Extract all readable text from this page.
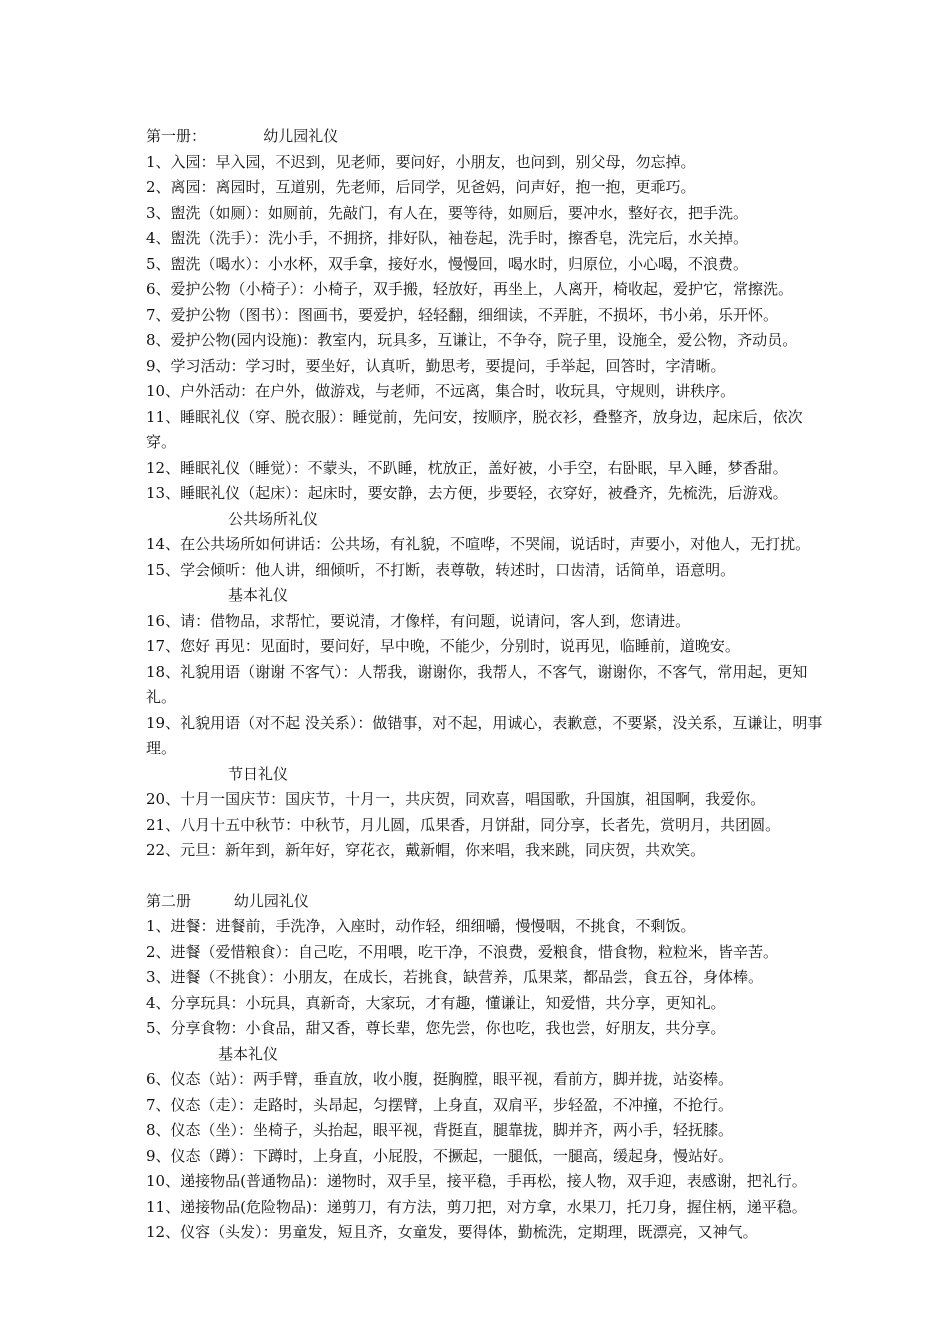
第一册：            幼儿园礼仪
1、入园：早入园，不迟到，见老师，要问好，小朋友，也问到，别父母，勿忘掉。
2、离园：离园时，互道别，先老师，后同学，见爸妈，问声好，抱一抱，更乖巧。
3、盥洗（如厕）：如厕前，先敲门，有人在，要等待，如厕后，要冲水，整好衣，把手洗。
4、盥洗（洗手）：洗小手，不拥挤，排好队，袖卷起，洗手时，擦香皂，洗完后，水关掉。
5、盥洗（喝水）：小水杯，双手拿，接好水，慢慢回，喝水时，归原位，小心喝，不浪费。
6、爱护公物（小椅子）：小椅子，双手搬，轻放好，再坐上，人离开，椅收起，爱护它，常擦洗。
7、爱护公物（图书）：图画书，要爱护，轻轻翻，细细读，不弄脏，不损坏，书小弟，乐开怀。
8、爱护公物(园内设施)：教室内，玩具多，互谦让，不争夺，院子里，设施全，爱公物，齐动员。
9、学习活动：学习时，要坐好，认真听，勤思考，要提问，手举起，回答时，字清晰。
10、户外活动：在户外，做游戏，与老师，不远离，集合时，收玩具，守规则，讲秩序。
11、睡眠礼仪（穿、脱衣服）：睡觉前，先问安，按顺序，脱衣衫，叠整齐，放身边，起床后，依次穿。
12、睡眠礼仪（睡觉）：不蒙头，不趴睡，枕放正，盖好被，小手空，右卧眠，早入睡，梦香甜。
13、睡眠礼仪（起床）：起床时，要安静，去方便，步要轻，衣穿好，被叠齐，先梳洗，后游戏。
公共场所礼仪
14、在公共场所如何讲话：公共场，有礼貌，不喧哗，不哭闹，说话时，声要小，对他人，无打扰。
15、学会倾听：他人讲，细倾听，不打断，表尊敬，转述时，口齿清，话简单，语意明。
基本礼仪
16、请：借物品，求帮忙，要说清，才像样，有问题，说请问，客人到，您请进。
17、您好 再见：见面时，要问好，早中晚，不能少，分别时，说再见，临睡前，道晚安。
18、礼貌用语（谢谢 不客气）：人帮我，谢谢你，我帮人，不客气，谢谢你，不客气，常用起，更知礼。
19、礼貌用语（对不起 没关系）：做错事，对不起，用诚心，表歉意，不要紧，没关系，互谦让，明事理。
节日礼仪
20、十月一国庆节：国庆节，十月一，共庆贺，同欢喜，唱国歌，升国旗，祖国啊，我爱你。
21、八月十五中秋节：中秋节，月儿圆，瓜果香，月饼甜，同分享，长者先，赏明月，共团圆。
22、元旦：新年到，新年好，穿花衣，戴新帽，你来唱，我来跳，同庆贺，共欢笑。
第二册         幼儿园礼仪
1、进餐：进餐前，手洗净，入座时，动作轻，细细嚼，慢慢咽，不挑食，不剩饭。
2、进餐（爱惜粮食）：自己吃，不用喂，吃干净，不浪费，爱粮食，惜食物，粒粒米，皆辛苦。
3、进餐（不挑食）：小朋友，在成长，若挑食，缺营养，瓜果菜，都品尝，食五谷，身体棒。
4、分享玩具：小玩具，真新奇，大家玩，才有趣，懂谦让，知爱惜，共分享，更知礼。
5、分享食物：小食品，甜又香，尊长辈，您先尝，你也吃，我也尝，好朋友，共分享。
基本礼仪
6、仪态（站）：两手臂，垂直放，收小腹，挺胸膛，眼平视，看前方，脚并拢，站姿棒。
7、仪态（走）：走路时，头昂起，匀摆臂，上身直，双肩平，步轻盈，不冲撞，不抢行。
8、仪态（坐）：坐椅子，头抬起，眼平视，背挺直，腿靠拢，脚并齐，两小手，轻抚膝。
9、仪态（蹲）：下蹲时，上身直，小屁股，不撅起，一腿低，一腿高，缓起身，慢站好。
10、递接物品(普通物品)：递物时，双手呈，接平稳，手再松，接人物，双手迎，表感谢，把礼行。
11、递接物品(危险物品)：递剪刀，有方法，剪刀把，对方拿，水果刀，托刀身，握住柄，递平稳。
12、仪容（头发）：男童发，短且齐，女童发，要得体，勤梳洗，定期理，既漂亮，又神气。
